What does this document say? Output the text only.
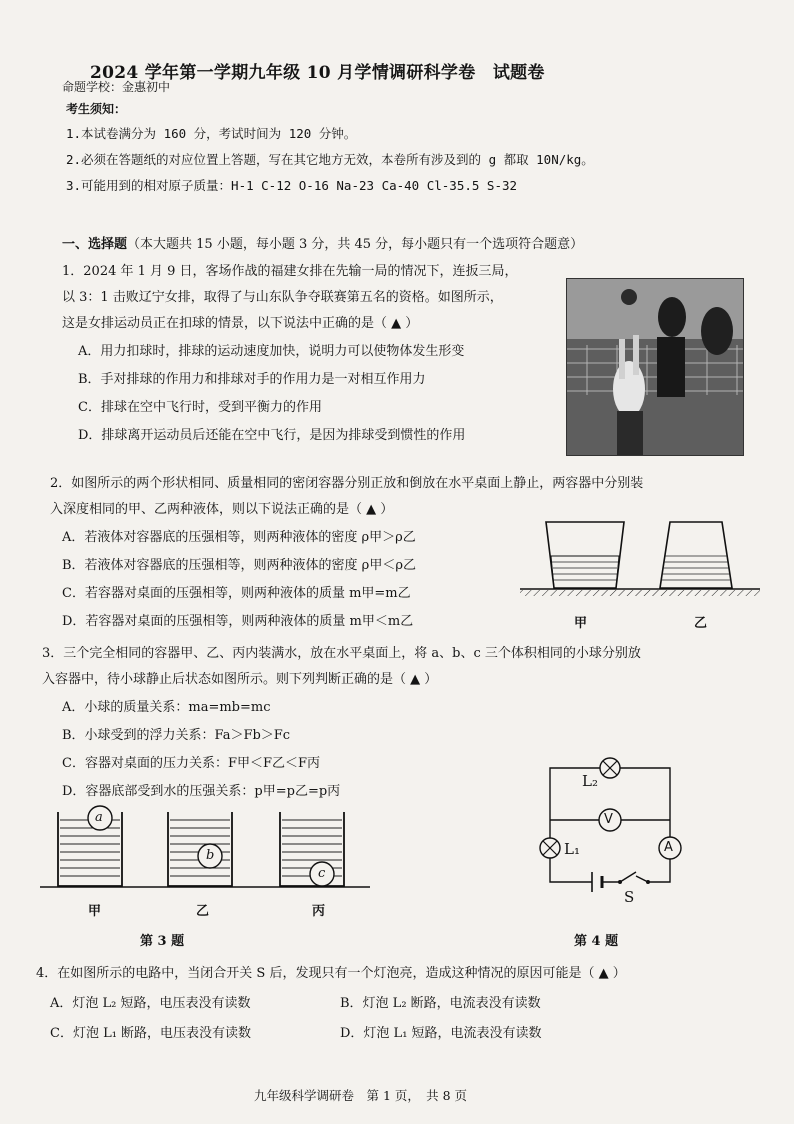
2024 学年第一学期九年级 10 月学情调研科学卷　试题卷
命题学校：金惠初中
考生须知：
1.本试卷满分为 160 分，考试时间为 120 分钟。
2.必须在答题纸的对应位置上答题，写在其它地方无效，本卷所有涉及到的 g 都取 10N/kg。
3.可能用到的相对原子质量：H-1 C-12 O-16 Na-23 Ca-40 Cl-35.5 S-32
一、选择题（本大题共 15 小题，每小题 3 分，共 45 分，每小题只有一个选项符合题意）
1．2024 年 1 月 9 日，客场作战的福建女排在先输一局的情况下，连扳三局，
以 3：1 击败辽宁女排，取得了与山东队争夺联赛第五名的资格。如图所示，
这是女排运动员正在扣球的情景，以下说法中正确的是（ ▲ ）
A．用力扣球时，排球的运动速度加快，说明力可以使物体发生形变
B．手对排球的作用力和排球对手的作用力是一对相互作用力
C．排球在空中飞行时，受到平衡力的作用
D．排球离开运动员后还能在空中飞行，是因为排球受到惯性的作用
2．如图所示的两个形状相同、质量相同的密闭容器分别正放和倒放在水平桌面上静止，两容器中分别装
入深度相同的甲、乙两种液体，则以下说法正确的是（ ▲ ）
A．若液体对容器底的压强相等，则两种液体的密度 ρ甲＞ρ乙
B．若液体对容器底的压强相等，则两种液体的密度 ρ甲＜ρ乙
C．若容器对桌面的压强相等，则两种液体的质量 m甲=m乙
D．若容器对桌面的压强相等，则两种液体的质量 m甲＜m乙	甲	乙
3．三个完全相同的容器甲、乙、丙内装满水，放在水平桌面上，将 a、b、c 三个体积相同的小球分别放
入容器中，待小球静止后状态如图所示。则下列判断正确的是（ ▲ ）
A．小球的质量关系：ma=mb=mc
B．小球受到的浮力关系：Fa＞Fb＞Fc
C．容器对桌面的压力关系：F甲＜F乙＜F丙
D．容器底部受到水的压强关系：p甲=p乙=p丙
a
b
c
甲	乙	丙
第 3 题
L₂
V
L₁	A
S
第 4 题
4．在如图所示的电路中，当闭合开关 S 后，发现只有一个灯泡亮，造成这种情况的原因可能是（ ▲ ）
A．灯泡 L₂ 短路，电压表没有读数	B．灯泡 L₂ 断路，电流表没有读数
C．灯泡 L₁ 断路，电压表没有读数	D．灯泡 L₁ 短路，电流表没有读数
九年级科学调研卷　第 1 页，　共 8 页
